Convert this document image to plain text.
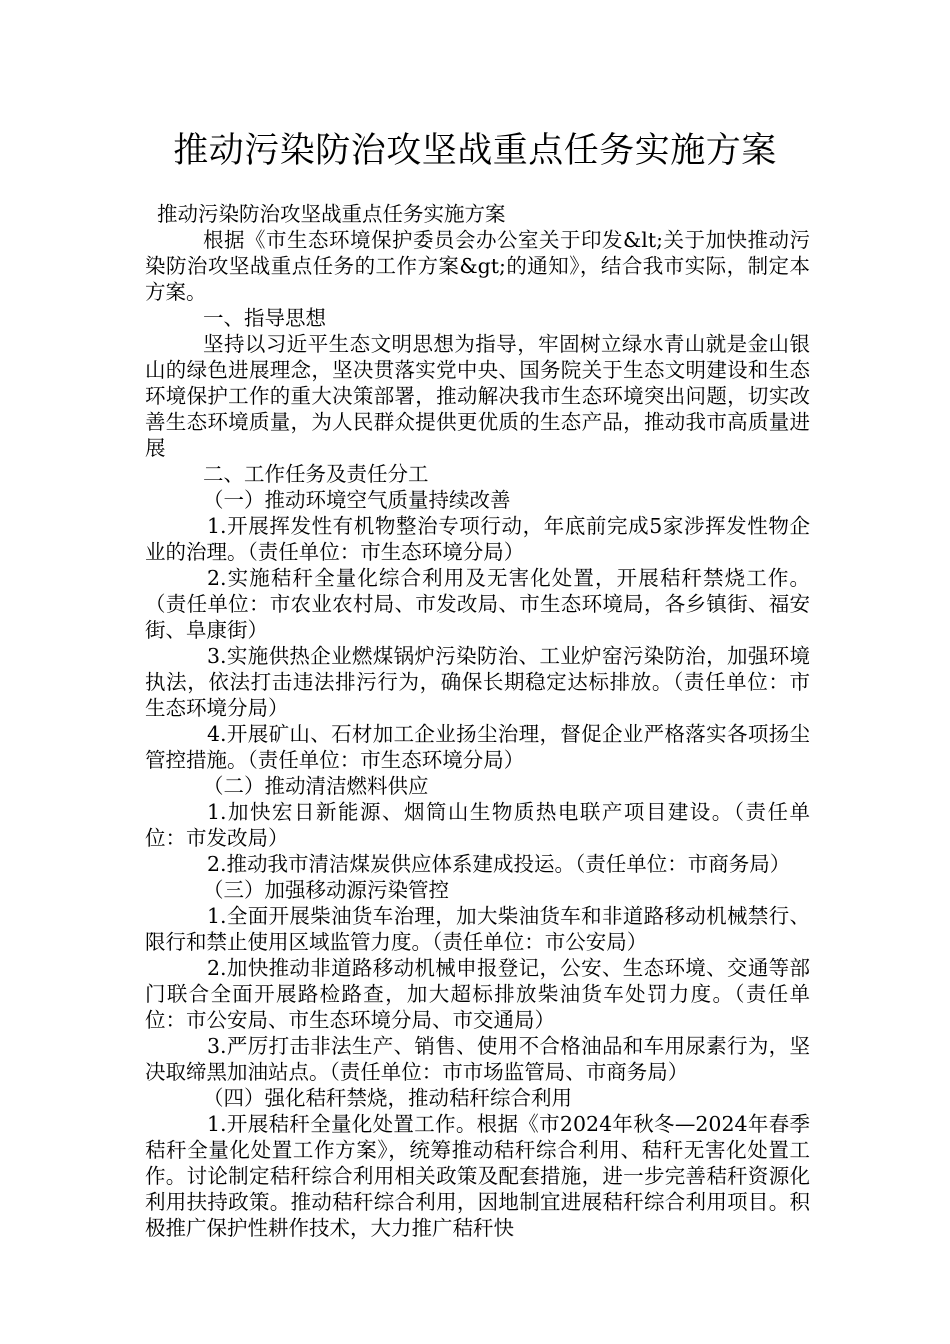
推动污染防治攻坚战重点任务实施方案

推动污染防治攻坚战重点任务实施方案

根据《市生态环境保护委员会办公室关于印发&lt;关于加快推动污染防治攻坚战重点任务的工作方案&gt;的通知》，结合我市实际，制定本方案。

一、指导思想

坚持以习近平生态文明思想为指导，牢固树立绿水青山就是金山银山的绿色进展理念，坚决贯落实党中央、国务院关于生态文明建设和生态环境保护工作的重大决策部署，推动解决我市生态环境突出问题，切实改善生态环境质量，为人民群众提供更优质的生态产品，推动我市高质量进展

二、工作任务及责任分工

（一）推动环境空气质量持续改善

1.开展挥发性有机物整治专项行动，年底前完成5家涉挥发性物企业的治理。（责任单位：市生态环境分局）

2.实施秸秆全量化综合利用及无害化处置，开展秸秆禁烧工作。（责任单位：市农业农村局、市发改局、市生态环境局，各乡镇街、福安街、阜康街）

3.实施供热企业燃煤锅炉污染防治、工业炉窑污染防治，加强环境执法，依法打击违法排污行为，确保长期稳定达标排放。（责任单位：市生态环境分局）

4.开展矿山、石材加工企业扬尘治理，督促企业严格落实各项扬尘管控措施。（责任单位：市生态环境分局）

（二）推动清洁燃料供应

1.加快宏日新能源、烟筒山生物质热电联产项目建设。（责任单位：市发改局）

2.推动我市清洁煤炭供应体系建成投运。（责任单位：市商务局）

（三）加强移动源污染管控

1.全面开展柴油货车治理，加大柴油货车和非道路移动机械禁行、限行和禁止使用区域监管力度。（责任单位：市公安局）

2.加快推动非道路移动机械申报登记，公安、生态环境、交通等部门联合全面开展路检路查，加大超标排放柴油货车处罚力度。（责任单位：市公安局、市生态环境分局、市交通局）

3.严厉打击非法生产、销售、使用不合格油品和车用尿素行为，坚决取缔黑加油站点。（责任单位：市市场监管局、市商务局）

（四）强化秸秆禁烧，推动秸秆综合利用

1.开展秸秆全量化处置工作。根据《市2024年秋冬—2024年春季秸秆全量化处置工作方案》，统筹推动秸秆综合利用、秸秆无害化处置工作。讨论制定秸秆综合利用相关政策及配套措施，进一步完善秸秆资源化利用扶持政策。推动秸秆综合利用，因地制宜进展秸秆综合利用项目。积极推广保护性耕作技术，大力推广秸秆快
